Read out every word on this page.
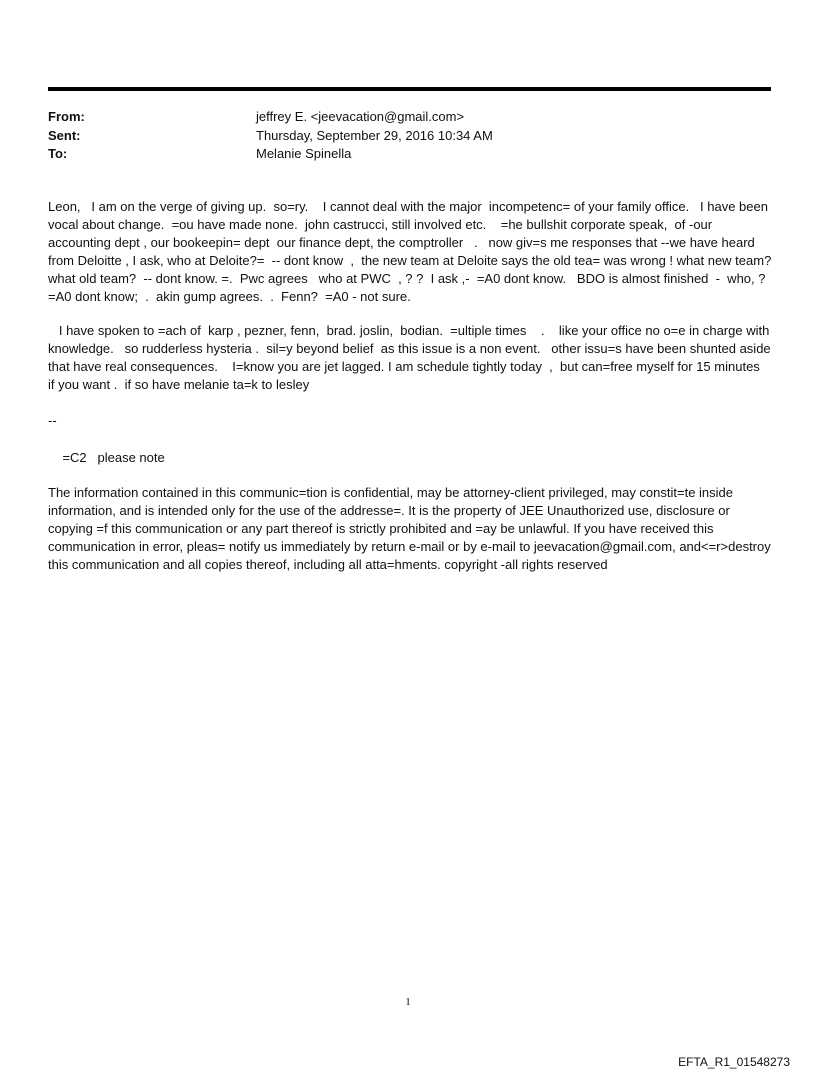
From:	jeffrey E. <jeevacation@gmail.com>
Sent:	Thursday, September 29, 2016 10:34 AM
To:	Melanie Spinella
Leon,   I am on the verge of giving up.  so=ry.    I cannot deal with the major  incompetenc= of your family office.   I have been vocal about change.  =ou have made none.  john castrucci, still involved etc.    =he bullshit corporate speak,  of -our accounting dept , our bookeepin= dept  our finance dept, the comptroller   .   now giv=s me responses that --we have heard from Deloitte , I ask, who at Deloite?=  -- dont know  ,  the new team at Deloite says the old tea= was wrong ! what new team? what old team?  -- dont know. =.  Pwc agrees   who at PWC  , ? ?  I ask ,-  =A0 dont know.   BDO is almost finished  -  who, ? =A0 dont know;  .  akin gump agrees.  .  Fenn?  =A0 - not sure.
I have spoken to =ach of  karp , pezner, fenn,  brad. joslin,  bodian.  =ultiple times    .    like your office no o=e in charge with knowledge.   so rudderless hysteria .  sil=y beyond belief  as this issue is a non event.   other issu=s have been shunted aside that have real consequences.    I=know you are jet lagged. I am schedule tightly today  ,  but can=free myself for 15 minutes  if you want .  if so have melanie ta=k to lesley
--
=C2   please note
The information contained in this communic=tion is confidential, may be attorney-client privileged, may constit=te inside information, and is intended only for the use of the addresse=. It is the property of JEE Unauthorized use, disclosure or copying =f this communication or any part thereof is strictly prohibited and =ay be unlawful. If you have received this communication in error, pleas= notify us immediately by return e-mail or by e-mail to jeevacation@gmail.com, and<=r>destroy this communication and all copies thereof, including all atta=hments. copyright -all rights reserved
1
EFTA_R1_01548273
